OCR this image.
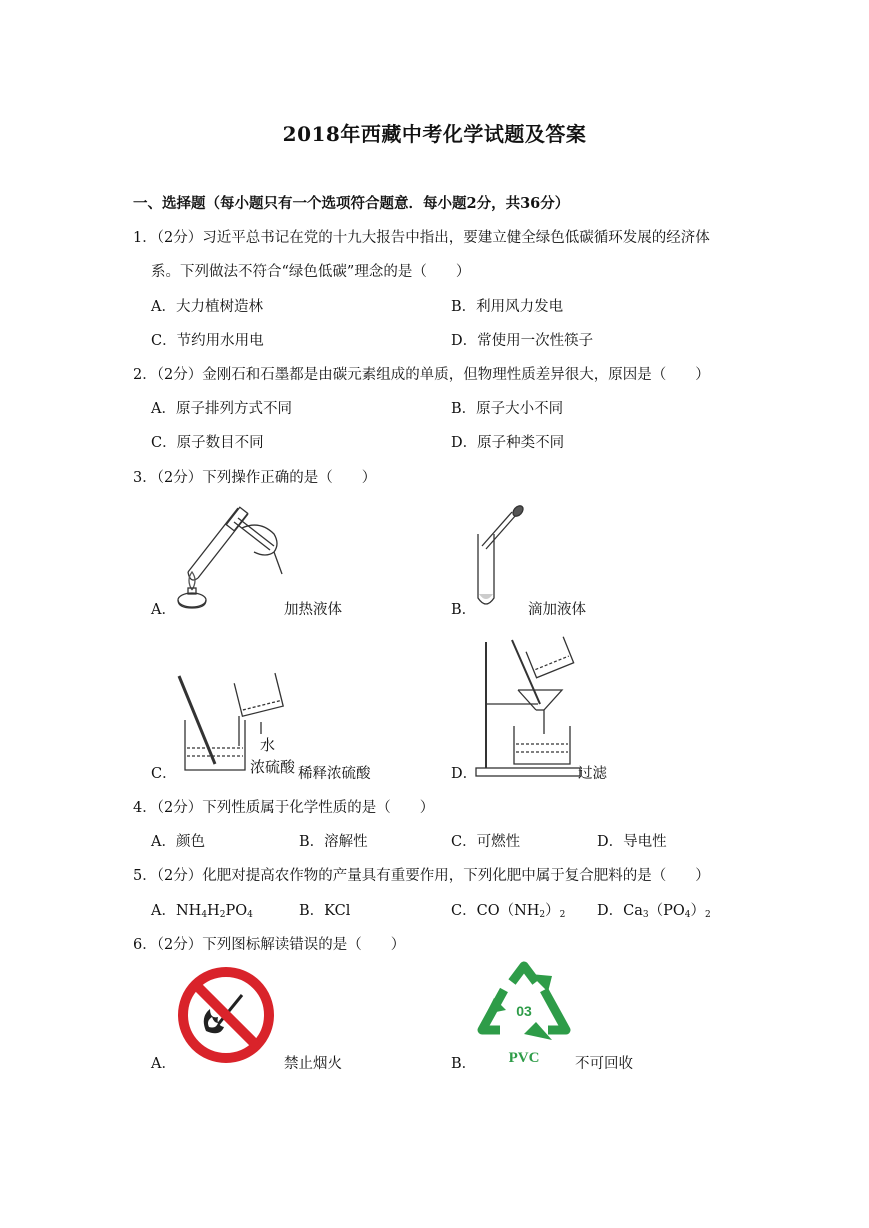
2018年西藏中考化学试题及答案
一、选择题（每小题只有一个选项符合题意．每小题2分，共36分）
1．（2分）习近平总书记在党的十九大报告中指出，要建立健全绿色低碳循环发展的经济体
系。下列做法不符合“绿色低碳”理念的是（　　）
A．大力植树造林	B．利用风力发电
C．节约用水用电	D．常使用一次性筷子
2．（2分）金刚石和石墨都是由碳元素组成的单质，但物理性质差异很大，原因是（　　）
A．原子排列方式不同	B．原子大小不同
C．原子数目不同	D．原子种类不同
3．（2分）下列操作正确的是（　　）
A．	加热液体	B．	滴加液体
水
浓硫酸
C．	稀释浓硫酸	D．	过滤
4．（2分）下列性质属于化学性质的是（　　）
A．颜色	B．溶解性	C．可燃性	D．导电性
5．（2分）化肥对提高农作物的产量具有重要作用，下列化肥中属于复合肥料的是（　　）
A．$NH_4H_2PO_4$	B．KCl	C．$CO(NH_2)_2$ D．$Ca_3(PO_4)_2$
6．（2分）下列图标解读错误的是（　　）
A．	禁止烟火
03
PVC
B．	不可回收
